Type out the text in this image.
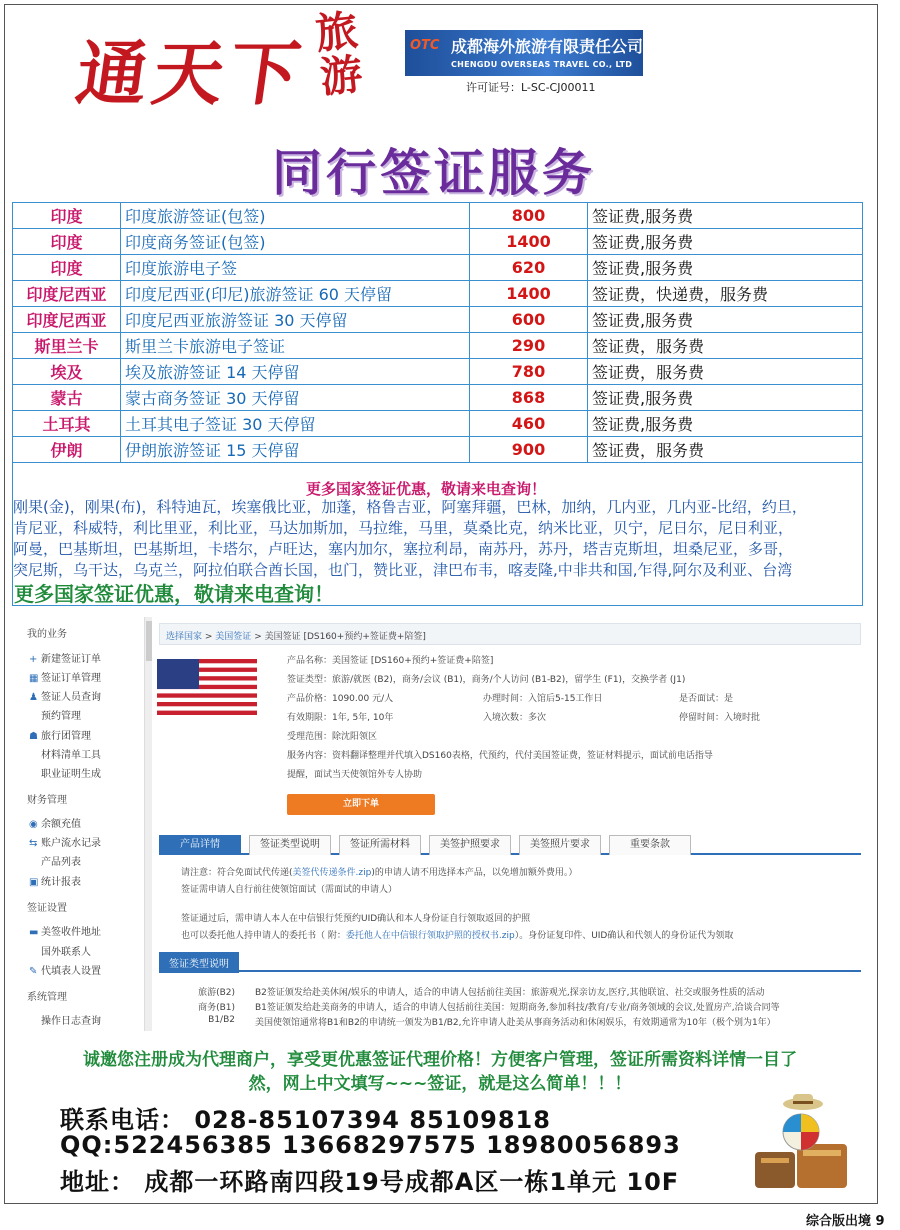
通天下 旅游
OTC 成都海外旅游有限责任公司
CHENGDU OVERSEAS TRAVEL CO., LTD
许可证号：L-SC-CJ00011
同行签证服务
印度	印度旅游签证(包签)	800	签证费,服务费
印度	印度商务签证(包签)	1400	签证费,服务费
印度	印度旅游电子签	620	签证费,服务费
印度尼西亚	印度尼西亚(印尼)旅游签证 60 天停留	1400	签证费，快递费，服务费
印度尼西亚	印度尼西亚旅游签证 30 天停留	600	签证费,服务费
斯里兰卡	斯里兰卡旅游电子签证	290	签证费，服务费
埃及	埃及旅游签证 14 天停留	780	签证费，服务费
蒙古	蒙古商务签证 30 天停留	868	签证费,服务费
土耳其	土耳其电子签证 30 天停留	460	签证费,服务费
伊朗	伊朗旅游签证 15 天停留	900	签证费，服务费
更多国家签证优惠，敬请来电查询！
刚果(金)，刚果(布)，科特迪瓦，埃塞俄比亚，加蓬，格鲁吉亚，阿塞拜疆，巴林，加纳，几内亚，几内亚-比绍，约旦，
肯尼亚，科威特，利比里亚，利比亚，马达加斯加，马拉维，马里，莫桑比克，纳米比亚，贝宁，尼日尔，尼日利亚，
阿曼，巴基斯坦，巴基斯坦，卡塔尔，卢旺达，塞内加尔，塞拉利昂，南苏丹，苏丹，塔吉克斯坦，坦桑尼亚，多哥，
突尼斯，乌干达，乌克兰，阿拉伯联合酋长国，也门，赞比亚，津巴布韦，喀麦隆,中非共和国,乍得,阿尔及利亚、台湾
更多国家签证优惠，敬请来电查询！
我的业务
+ 新建签证订单
▦ 签证订单管理
♟ 签证人员查询
预约管理
☗ 旅行团管理
材料清单工具
职业证明生成
财务管理
◉ 余额充值
⇆ 账户流水记录
产品列表
▣ 统计报表
签证设置
▬ 美签收件地址
国外联系人
✎ 代填表人设置
系统管理
操作日志查询
选择国家 > 美国签证 > 美国签证 [DS160+预约+签证费+陪签]
产品名称：美国签证 [DS160+预约+签证费+陪签]
签证类型：旅游/就医 (B2)，商务/会议 (B1)，商务/个人访问 (B1-B2)，留学生 (F1)，交换学者 (J1)
产品价格：1090.00 元/人	办理时间：入馆后5-15工作日	是否面试：是
有效期限：1年, 5年, 10年	入境次数：多次	停留时间：入境时批
受理范围：除沈阳领区
服务内容：资料翻译整理并代填入DS160表格，代预约，代付美国签证费，签证材料提示，面试前电话指导
提醒，面试当天使领馆外专人协助
立即下单
产品详情	签证类型说明	签证所需材料	美签护照要求	美签照片要求	重要条款
请注意：符合免面试代传递(美签代传递条件.zip)的申请人请不用选择本产品，以免增加额外费用。）
签证需申请人自行前往使领馆面试（需面试的申请人）
签证通过后，需申请人本人在中信银行凭预约UID确认和本人身份证自行领取返回的护照
也可以委托他人持申请人的委托书（ 附：委托他人在中信银行领取护照的授权书.zip）。身份证复印件、UID确认和代领人的身份证代为领取
签证类型说明
旅游(B2) B2签证颁发给赴美休闲/娱乐的申请人，适合的申请人包括前往美国：旅游观光,探亲访友,医疗,其他联谊、社交或服务性质的活动
商务(B1) B1签证颁发给赴美商务的申请人，适合的申请人包括前往美国：短期商务,参加科技/教育/专业/商务领域的会议,处置房产,洽谈合同等
B1/B2 美国使领馆通常将B1和B2的申请统一颁发为B1/B2,允许申请人赴美从事商务活动和休闲娱乐，有效期通常为10年（极个别为1年）
诚邀您注册成为代理商户，享受更优惠签证代理价格！方便客户管理，签证所需资料详情一目了
然，网上中文填写~~~签证，就是这么简单！！！
联系电话： 028-85107394 85109818
QQ:522456385 13668297575 18980056893
地址： 成都一环路南四段19号成都A区一栋1单元 10F
综合版出境 9
